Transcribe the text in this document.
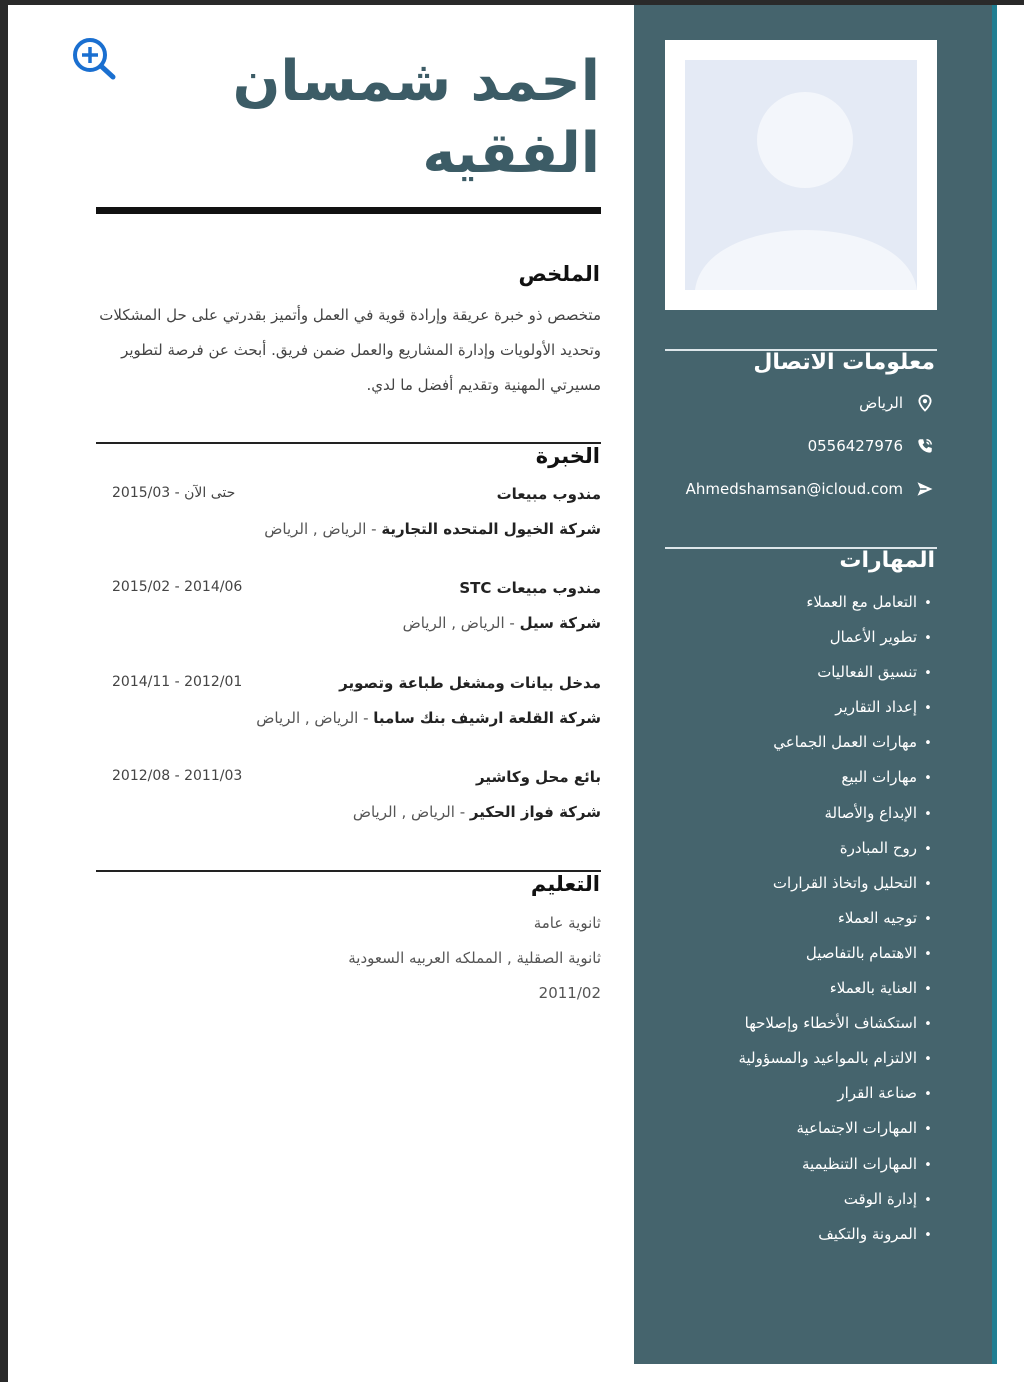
معلومات الاتصال
الرياض
0556427976
Ahmedshamsan@icloud.com
المهارات
•التعامل مع العملاء
•تطوير الأعمال
•تنسيق الفعاليات
•إعداد التقارير
•مهارات العمل الجماعي
•مهارات البيع
•الإبداع والأصالة
•روح المبادرة
•التحليل واتخاذ القرارات
•توجيه العملاء
•الاهتمام بالتفاصيل
•العناية بالعملاء
•استكشاف الأخطاء وإصلاحها
•الالتزام بالمواعيد والمسؤولية
•صناعة القرار
•المهارات الاجتماعية
•المهارات التنظيمية
•إدارة الوقت
•المرونة والتكيف
احمد شمسان
الفقيه
الملخص

متخصص ذو خبرة عريقة وإرادة قوية في العمل وأتميز بقدرتي على حل المشكلات وتحديد الأولويات وإدارة المشاريع والعمل ضمن فريق. أبحث عن فرصة لتطوير مسيرتي المهنية وتقديم أفضل ما لدي.

الخبرة
مندوب مبيعات
2015/03 - حتى الآن
شركة الخيول المتحده التجارية - الرياض , الرياض
مندوب مبيعات STC
2015/02 - 2014/06
شركة سيل - الرياض , الرياض
مدخل بيانات ومشغل طباعة وتصوير
2014/11 - 2012/01
شركة القلعة ارشيف بنك سامبا - الرياض , الرياض
بائع محل وكاشير
2012/08 - 2011/03
شركة فواز الحكير - الرياض , الرياض
التعليم
ثانوية عامة
ثانوية الصقلية , المملكه العربيه السعودية
2011/02
